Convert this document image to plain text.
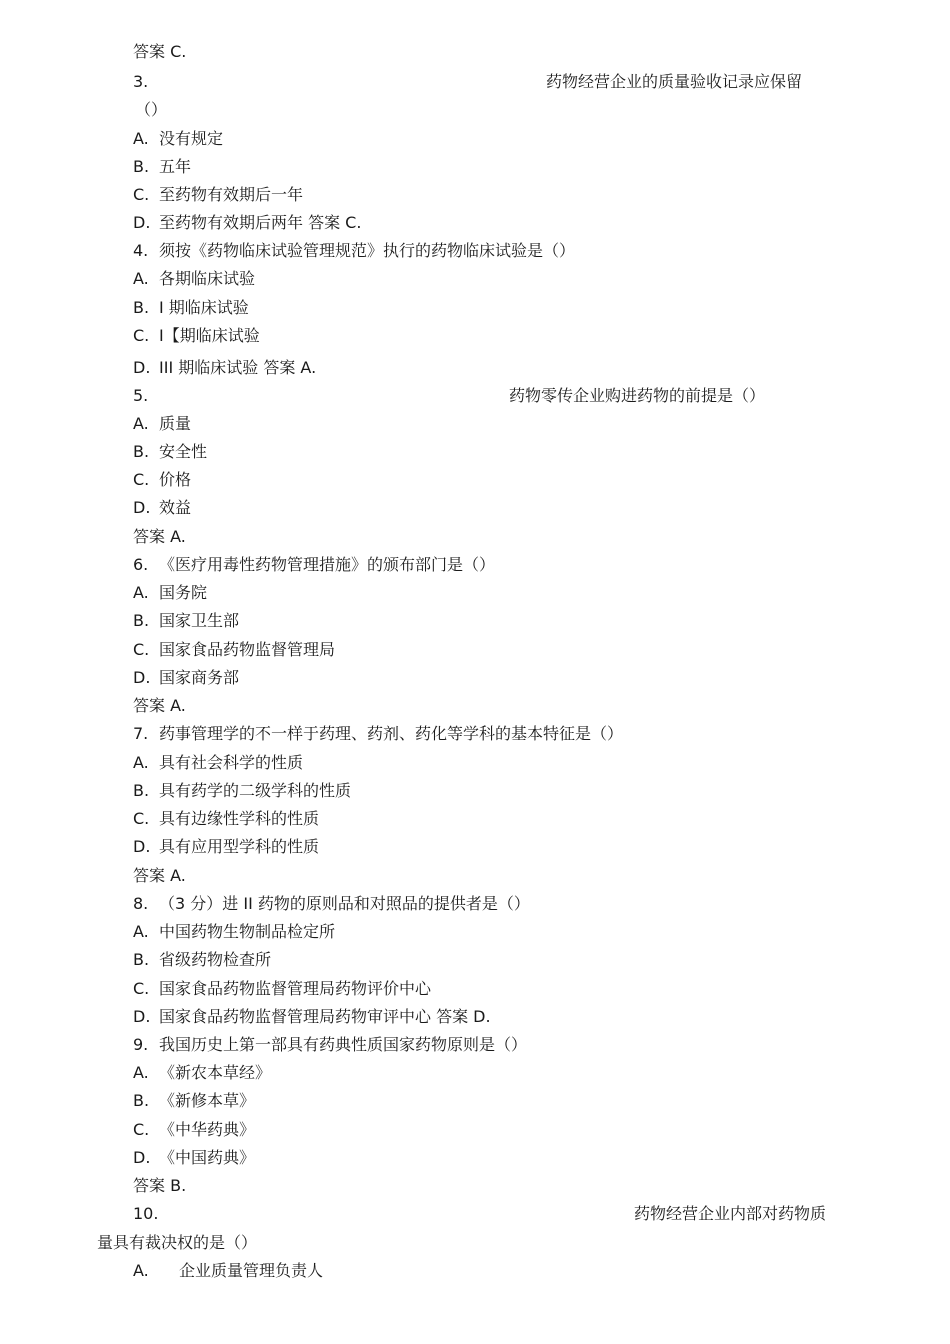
答案 C.
3.	药物经营企业的质量验收记录应保留
（）
A. 没有规定
B. 五年
C. 至药物有效期后一年
D. 至药物有效期后两年 答案 C.
4. 须按《药物临床试验管理规范》执行的药物临床试验是（）
A. 各期临床试验
B. I 期临床试验
C. I【期临床试验
D. III 期临床试验 答案 A.
5.	药物零传企业购进药物的前提是（）
A. 质量
B. 安全性
C. 价格
D. 效益
答案 A.
6. 《医疗用毒性药物管理措施》的颁布部门是（）
A. 国务院
B. 国家卫生部
C. 国家食品药物监督管理局
D. 国家商务部
答案 A.
7. 药事管理学的不一样于药理、药剂、药化等学科的基本特征是（）
A. 具有社会科学的性质
B. 具有药学的二级学科的性质
C. 具有边缘性学科的性质
D. 具有应用型学科的性质
答案 A.
8. （3 分）进 II 药物的原则品和对照品的提供者是（）
A. 中国药物生物制品检定所
B. 省级药物检查所
C. 国家食品药物监督管理局药物评价中心
D. 国家食品药物监督管理局药物审评中心 答案 D.
9. 我国历史上第一部具有药典性质国家药物原则是（）
A. 《新农本草经》
B. 《新修本草》
C. 《中华药典》
D. 《中国药典》
答案 B.
10.	药物经营企业内部对药物质
量具有裁决权的是（）
A. 企业质量管理负责人
